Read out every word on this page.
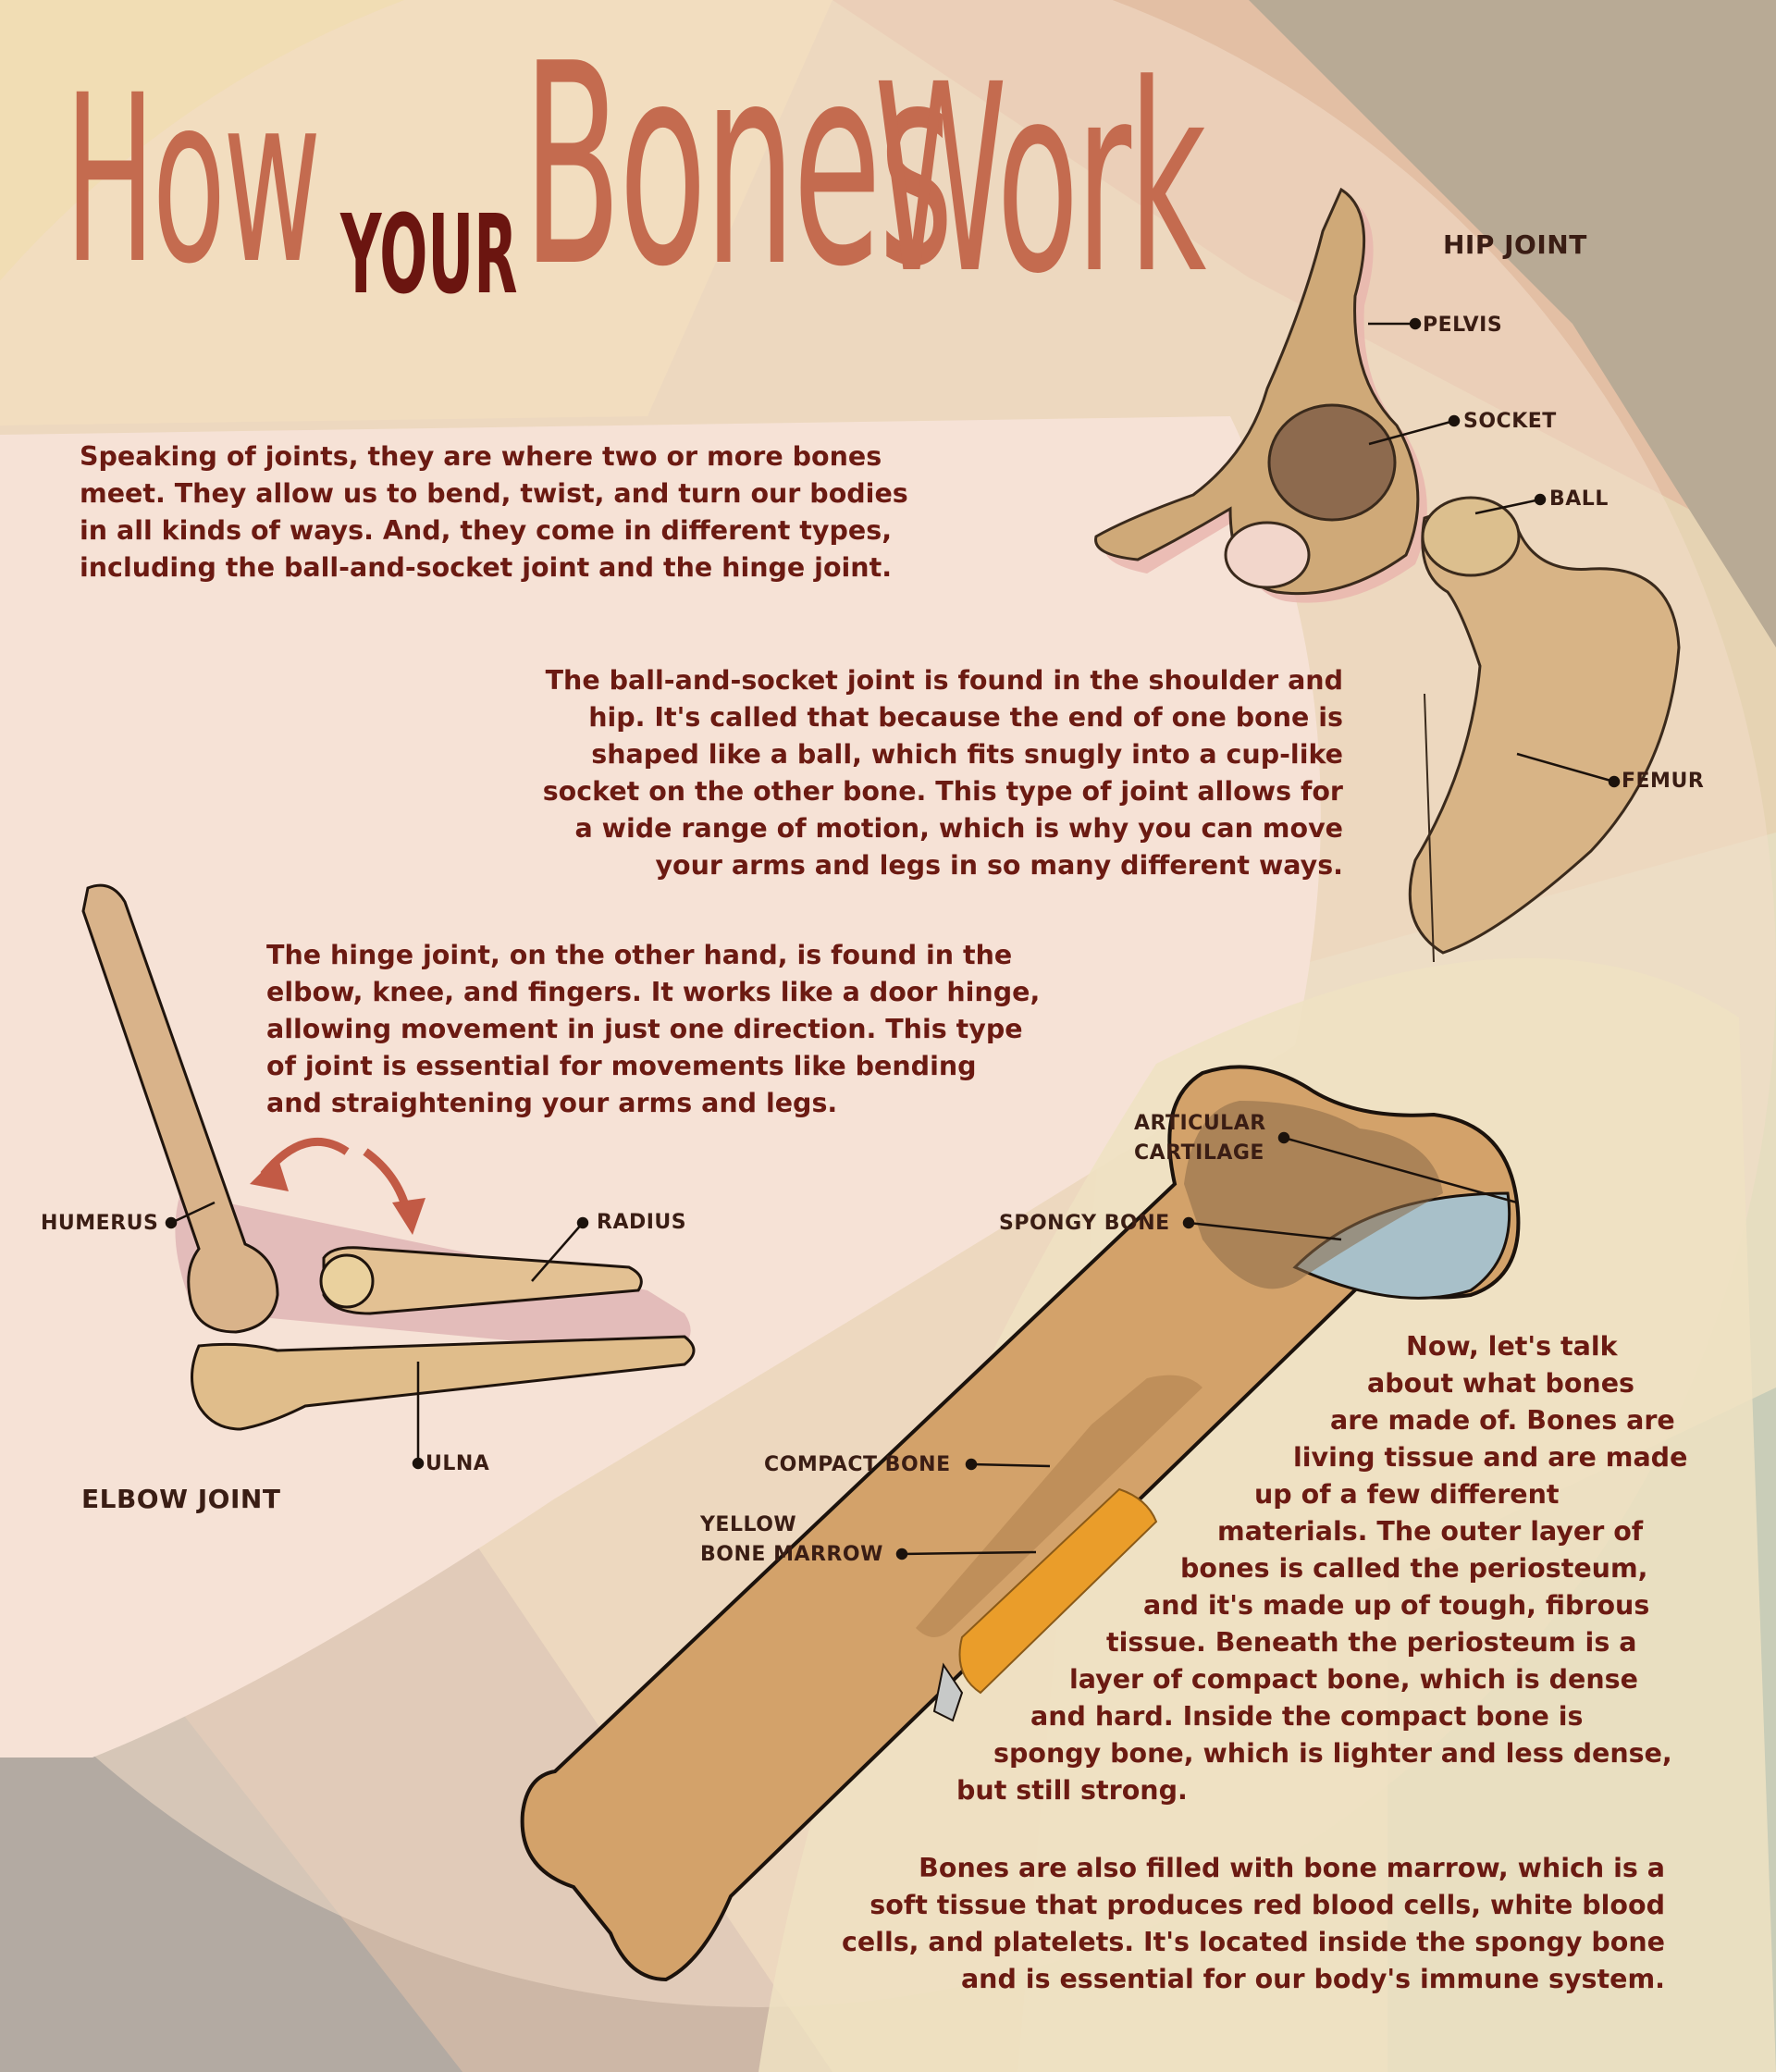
How YOUR Bones
Work

Speaking of joints, they are where two or more bones
meet. They allow us to bend, twist, and turn our bodies
in all kinds of ways. And, they come in different types,
including the ball-and-socket joint and the hinge joint.

The ball-and-socket joint is found in the shoulder and
hip. It's called that because the end of one bone is
shaped like a ball, which fits snugly into a cup-like
socket on the other bone. This type of joint allows for
a wide range of motion, which is why you can move
your arms and legs in so many different ways.

The hinge joint, on the other hand, is found in the
elbow, knee, and fingers. It works like a door hinge,
allowing movement in just one direction. This type
of joint is essential for movements like bending
and straightening your arms and legs.

Now, let's talk
about what bones
are made of. Bones are
living tissue and are made
up of a few different
materials. The outer layer of
bones is called the periosteum,
and it's made up of tough, fibrous
tissue. Beneath the periosteum is a
layer of compact bone, which is dense
and hard. Inside the compact bone is
spongy bone, which is lighter and less dense,
but still strong.

Bones are also filled with bone marrow, which is a
soft tissue that produces red blood cells, white blood
cells, and platelets. It's located inside the spongy bone
and is essential for our body's immune system.

HIP JOINT
PELVIS
SOCKET
BALL
FEMUR
HUMERUS	RADIUS
ULNA
ELBOW JOINT
ARTICULAR
CARTILAGE
SPONGY BONE
COMPACT BONE
YELLOW
BONE MARROW
